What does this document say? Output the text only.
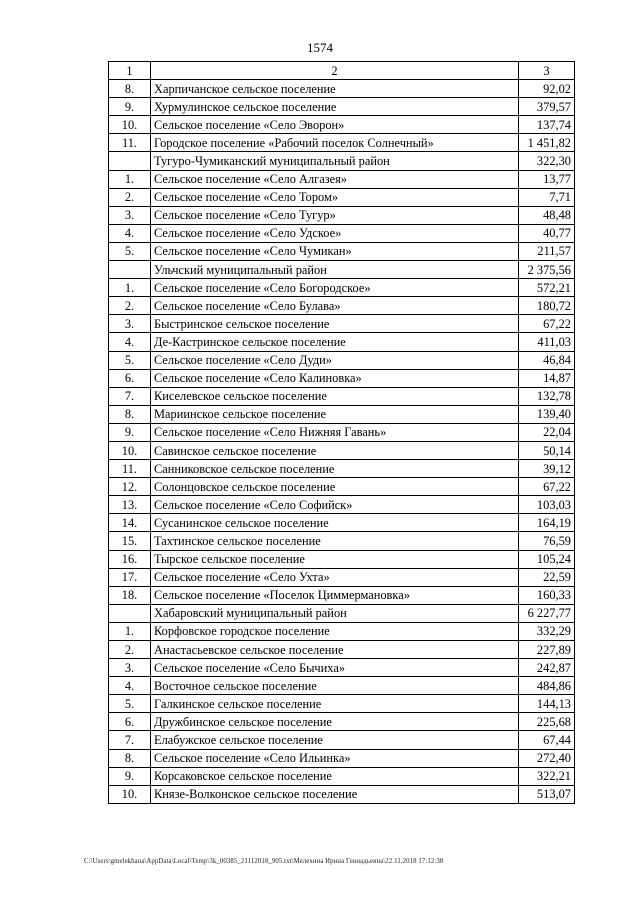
1574
1	2	3
8.	Харпичанское сельское поселение	92,02
9.	Хурмулинское сельское поселение	379,57
10.	Сельское поселение «Село Эворон»	137,74
11.	Городское поселение «Рабочий поселок Солнечный»	1 451,82
	Тугуро-Чумиканский муниципальный район	322,30
1.	Сельское поселение «Село Алгазея»	13,77
2.	Сельское поселение «Село Тором»	7,71
3.	Сельское поселение «Село Тугур»	48,48
4.	Сельское поселение «Село Удское»	40,77
5.	Сельское поселение «Село Чумикан»	211,57
	Ульчский муниципальный район	2 375,56
1.	Сельское поселение «Село Богородское»	572,21
2.	Сельское поселение «Село Булава»	180,72
3.	Быстринское сельское поселение	67,22
4.	Де-Кастринское сельское поселение	411,03
5.	Сельское поселение «Село Дуди»	46,84
6.	Сельское поселение «Село Калиновка»	14,87
7.	Киселевское сельское поселение	132,78
8.	Мариинское сельское поселение	139,40
9.	Сельское поселение «Село Нижняя Гавань»	22,04
10.	Савинское сельское поселение	50,14
11.	Санниковское сельское поселение	39,12
12.	Солонцовское сельское поселение	67,22
13.	Сельское поселение «Село Софийск»	103,03
14.	Сусанинское сельское поселение	164,19
15.	Тахтинское сельское поселение	76,59
16.	Тырское сельское поселение	105,24
17.	Сельское поселение «Село Ухта»	22,59
18.	Сельское поселение «Поселок Циммермановка»	160,33
	Хабаровский муниципальный район	6 227,77
1.	Корфовское городское поселение	332,29
2.	Анастасьевское сельское поселение	227,89
3.	Сельское поселение «Село Бычиха»	242,87
4.	Восточное сельское поселение	484,86
5.	Галкинское сельское поселение	144,13
6.	Дружбинское сельское поселение	225,68
7.	Елабужское сельское поселение	67,44
8.	Сельское поселение «Село Ильинка»	272,40
9.	Корсаковское сельское поселение	322,21
10.	Князе-Волконское сельское поселение	513,07
C:\Users\gmelekhana\AppData\Local\Temp\3k_00385_21112018_905.txt\Мелехина Ирина Геннадьевна\22.11.2018 17:12:38
